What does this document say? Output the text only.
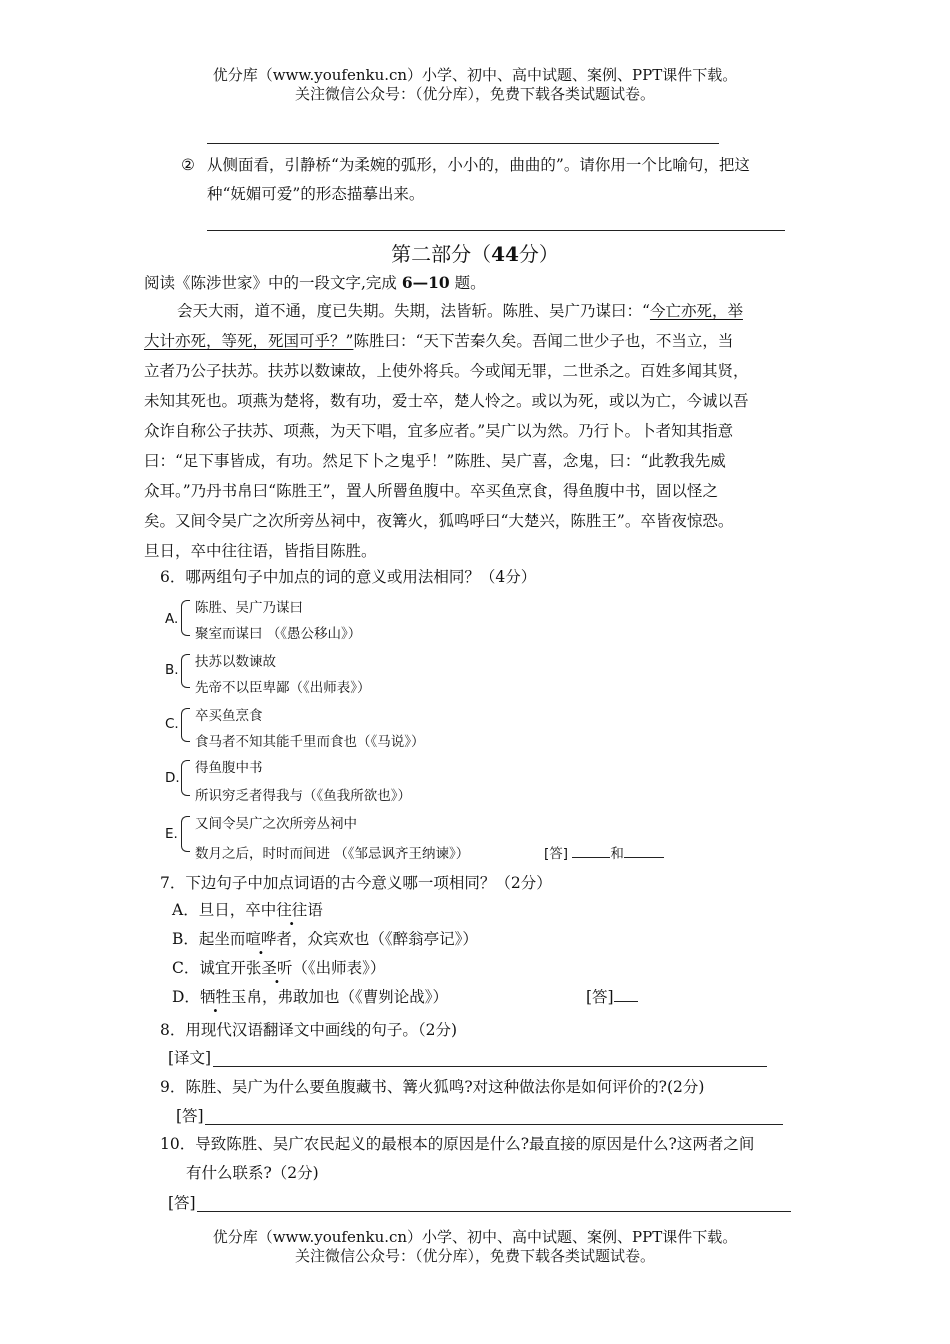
优分库（www.youfenku.cn）小学、初中、高中试题、案例、PPT课件下载。
关注微信公众号：（优分库），免费下载各类试题试卷。
② 从侧面看，引静桥“为柔婉的弧形，小小的，曲曲的”。请你用一个比喻句，把这
种“妩媚可爱”的形态描摹出来。
第二部分（44分）
阅读《陈涉世家》中的一段文字,完成 6—10 题。

会天大雨，道不通，度已失期。失期，法皆斩。陈胜、吴广乃谋曰：“今亡亦死，举

大计亦死，等死，死国可乎？”陈胜曰：“天下苦秦久矣。吾闻二世少子也，不当立，当

立者乃公子扶苏。扶苏以数谏故，上使外将兵。今或闻无罪，二世杀之。百姓多闻其贤，

未知其死也。项燕为楚将，数有功，爱士卒，楚人怜之。或以为死，或以为亡，今诚以吾

众诈自称公子扶苏、项燕，为天下唱，宜多应者。”吴广以为然。乃行卜。卜者知其指意

曰：“足下事皆成，有功。然足下卜之鬼乎！”陈胜、吴广喜，念鬼，曰：“此教我先威

众耳。”乃丹书帛曰“陈胜王”，置人所罾鱼腹中。卒买鱼烹食，得鱼腹中书，固以怪之

矣。又间令吴广之次所旁丛祠中，夜篝火，狐鸣呼曰“大楚兴，陈胜王”。卒皆夜惊恐。

旦日，卒中往往语，皆指目陈胜。

6．哪两组句子中加点的词的意义或用法相同？（4分）
A.
陈胜、吴广乃谋曰
聚室而谋曰 （《愚公移山》）
B. 扶苏以数谏故
先帝不以臣卑鄙（《出师表》）
C. 卒买鱼烹食
食马者不知其能千里而食也（《马说》）
D.
得鱼腹中书
所识穷乏者得我与（《鱼我所欲也》）
E.
又间令吴广之次所旁丛祠中
数月之后，时时而间进 （《邹忌讽齐王纳谏》）	[答]	和
7．下边句子中加点词语的古今意义哪一项相同？（2分）
A．旦日，卒中往往语
B．起坐而喧哗者，众宾欢也（《醉翁亭记》）
C．诚宜开张圣听（《出师表》）
D．牺牲玉帛，弗敢加也（《曹刿论战》）	[答]
8．用现代汉语翻译文中画线的句子。（2分)
[译文]
9．陈胜、吴广为什么要鱼腹藏书、篝火狐鸣?对这种做法你是如何评价的?(2分)
[答]
10．导致陈胜、吴广农民起义的最根本的原因是什么?最直接的原因是什么?这两者之间
有什么联系?（2分)
[答]
优分库（www.youfenku.cn）小学、初中、高中试题、案例、PPT课件下载。
关注微信公众号：（优分库），免费下载各类试题试卷。
